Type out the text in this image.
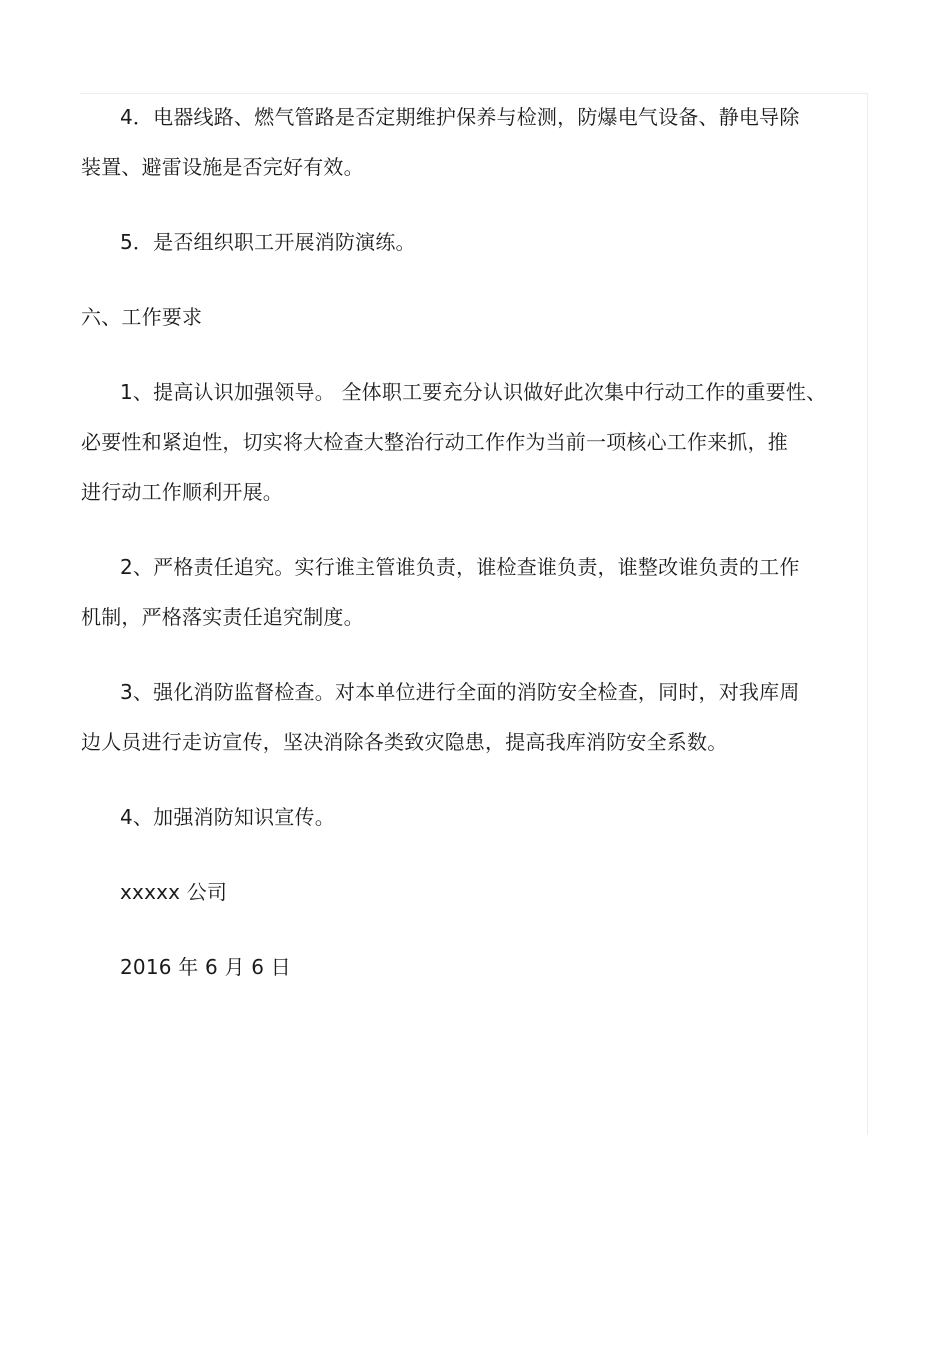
4．电器线路、燃气管路是否定期维护保养与检测，防爆电气设备、静电导除
装置、避雷设施是否完好有效。
5．是否组织职工开展消防演练。
六、工作要求
1、提高认识加强领导。 全体职工要充分认识做好此次集中行动工作的重要性、
必要性和紧迫性，切实将大检查大整治行动工作作为当前一项核心工作来抓，推
进行动工作顺利开展。
2、严格责任追究。实行谁主管谁负责，谁检查谁负责，谁整改谁负责的工作
机制，严格落实责任追究制度。
3、强化消防监督检查。对本单位进行全面的消防安全检查，同时，对我库周
边人员进行走访宣传，坚决消除各类致灾隐患，提高我库消防安全系数。
4、加强消防知识宣传。
xxxxx 公司
2016 年 6 月 6 日
